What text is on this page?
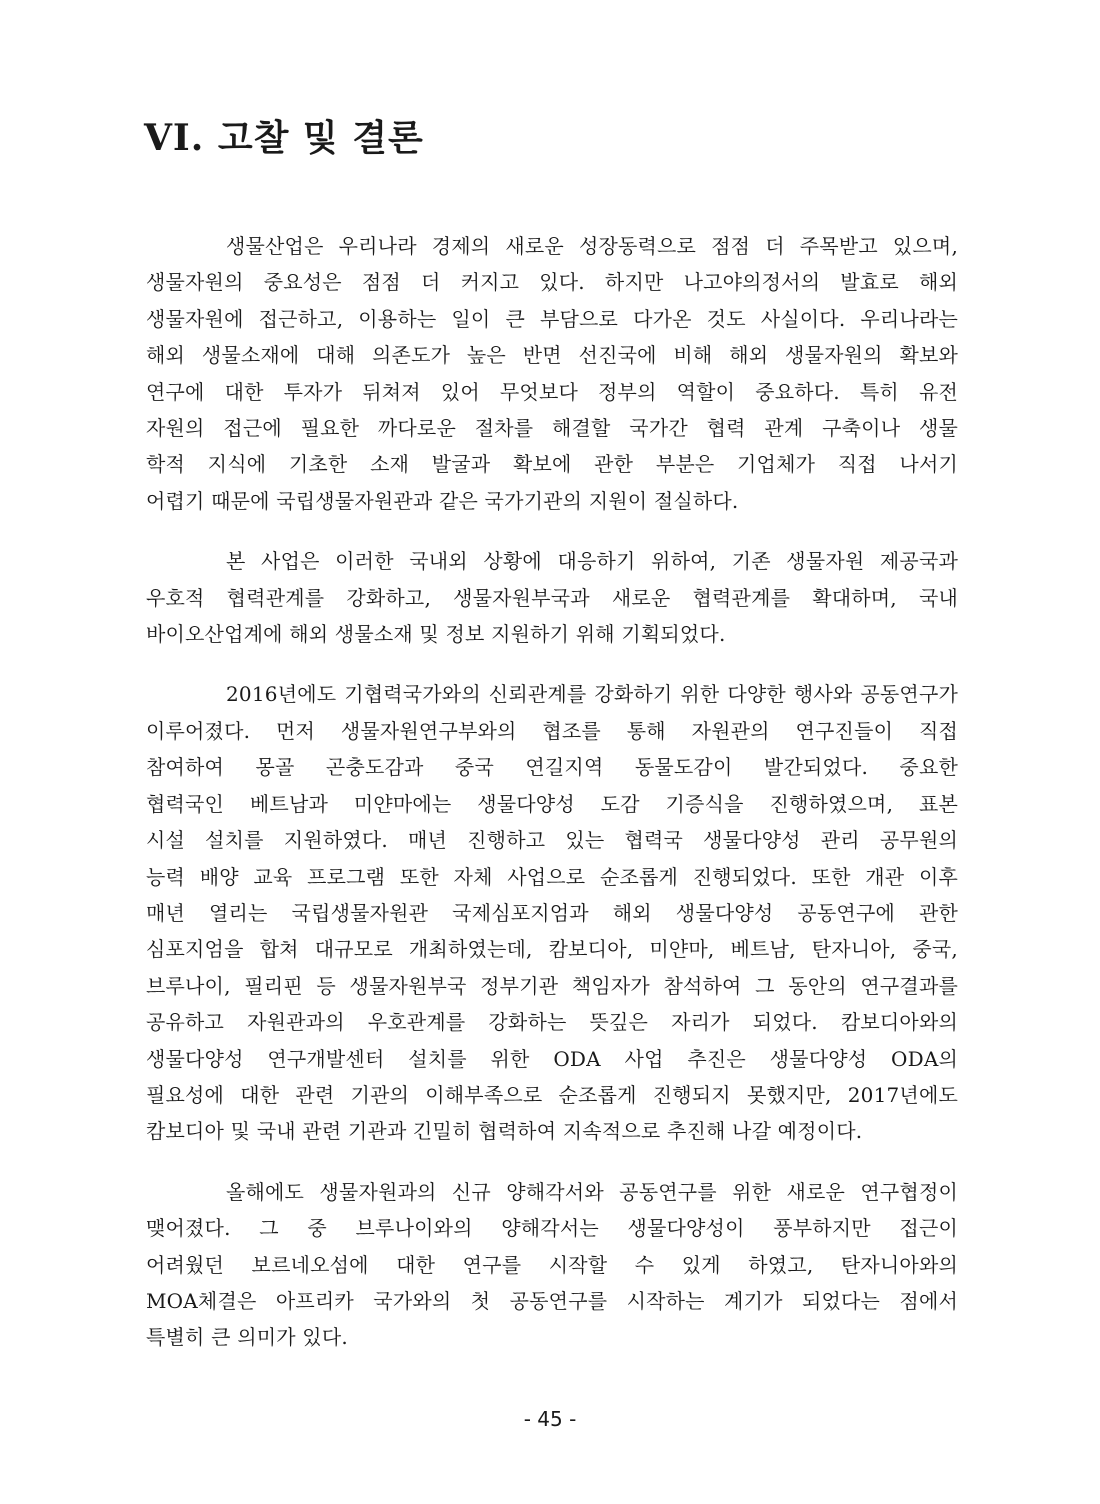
VI. 고찰 및 결론
생물산업은 우리나라 경제의 새로운 성장동력으로 점점 더 주목받고 있으며,
생물자원의 중요성은 점점 더 커지고 있다. 하지만 나고야의정서의 발효로 해외
생물자원에 접근하고, 이용하는 일이 큰 부담으로 다가온 것도 사실이다. 우리나라는
해외 생물소재에 대해 의존도가 높은 반면 선진국에 비해 해외 생물자원의 확보와
연구에 대한 투자가 뒤쳐져 있어 무엇보다 정부의 역할이 중요하다. 특히 유전
자원의 접근에 필요한 까다로운 절차를 해결할 국가간 협력 관계 구축이나 생물
학적 지식에 기초한 소재 발굴과 확보에 관한 부분은 기업체가 직접 나서기
어렵기 때문에 국립생물자원관과 같은 국가기관의 지원이 절실하다.
본 사업은 이러한 국내외 상황에 대응하기 위하여, 기존 생물자원 제공국과
우호적 협력관계를 강화하고, 생물자원부국과 새로운 협력관계를 확대하며, 국내
바이오산업계에 해외 생물소재 및 정보 지원하기 위해 기획되었다.
2016년에도 기협력국가와의 신뢰관계를 강화하기 위한 다양한 행사와 공동연구가
이루어졌다. 먼저 생물자원연구부와의 협조를 통해 자원관의 연구진들이 직접
참여하여 몽골 곤충도감과 중국 연길지역 동물도감이 발간되었다. 중요한
협력국인 베트남과 미얀마에는 생물다양성 도감 기증식을 진행하였으며, 표본
시설 설치를 지원하였다. 매년 진행하고 있는 협력국 생물다양성 관리 공무원의
능력 배양 교육 프로그램 또한 자체 사업으로 순조롭게 진행되었다. 또한 개관 이후
매년 열리는 국립생물자원관 국제심포지엄과 해외 생물다양성 공동연구에 관한
심포지엄을 합쳐 대규모로 개최하였는데, 캄보디아, 미얀마, 베트남, 탄자니아, 중국,
브루나이, 필리핀 등 생물자원부국 정부기관 책임자가 참석하여 그 동안의 연구결과를
공유하고 자원관과의 우호관계를 강화하는 뜻깊은 자리가 되었다. 캄보디아와의
생물다양성 연구개발센터 설치를 위한 ODA 사업 추진은 생물다양성 ODA의
필요성에 대한 관련 기관의 이해부족으로 순조롭게 진행되지 못했지만, 2017년에도
캄보디아 및 국내 관련 기관과 긴밀히 협력하여 지속적으로 추진해 나갈 예정이다.
올해에도 생물자원과의 신규 양해각서와 공동연구를 위한 새로운 연구협정이
맺어졌다. 그 중 브루나이와의 양해각서는 생물다양성이 풍부하지만 접근이
어려웠던 보르네오섬에 대한 연구를 시작할 수 있게 하였고, 탄자니아와의
MOA체결은 아프리카 국가와의 첫 공동연구를 시작하는 계기가 되었다는 점에서
특별히 큰 의미가 있다.
- 45 -
